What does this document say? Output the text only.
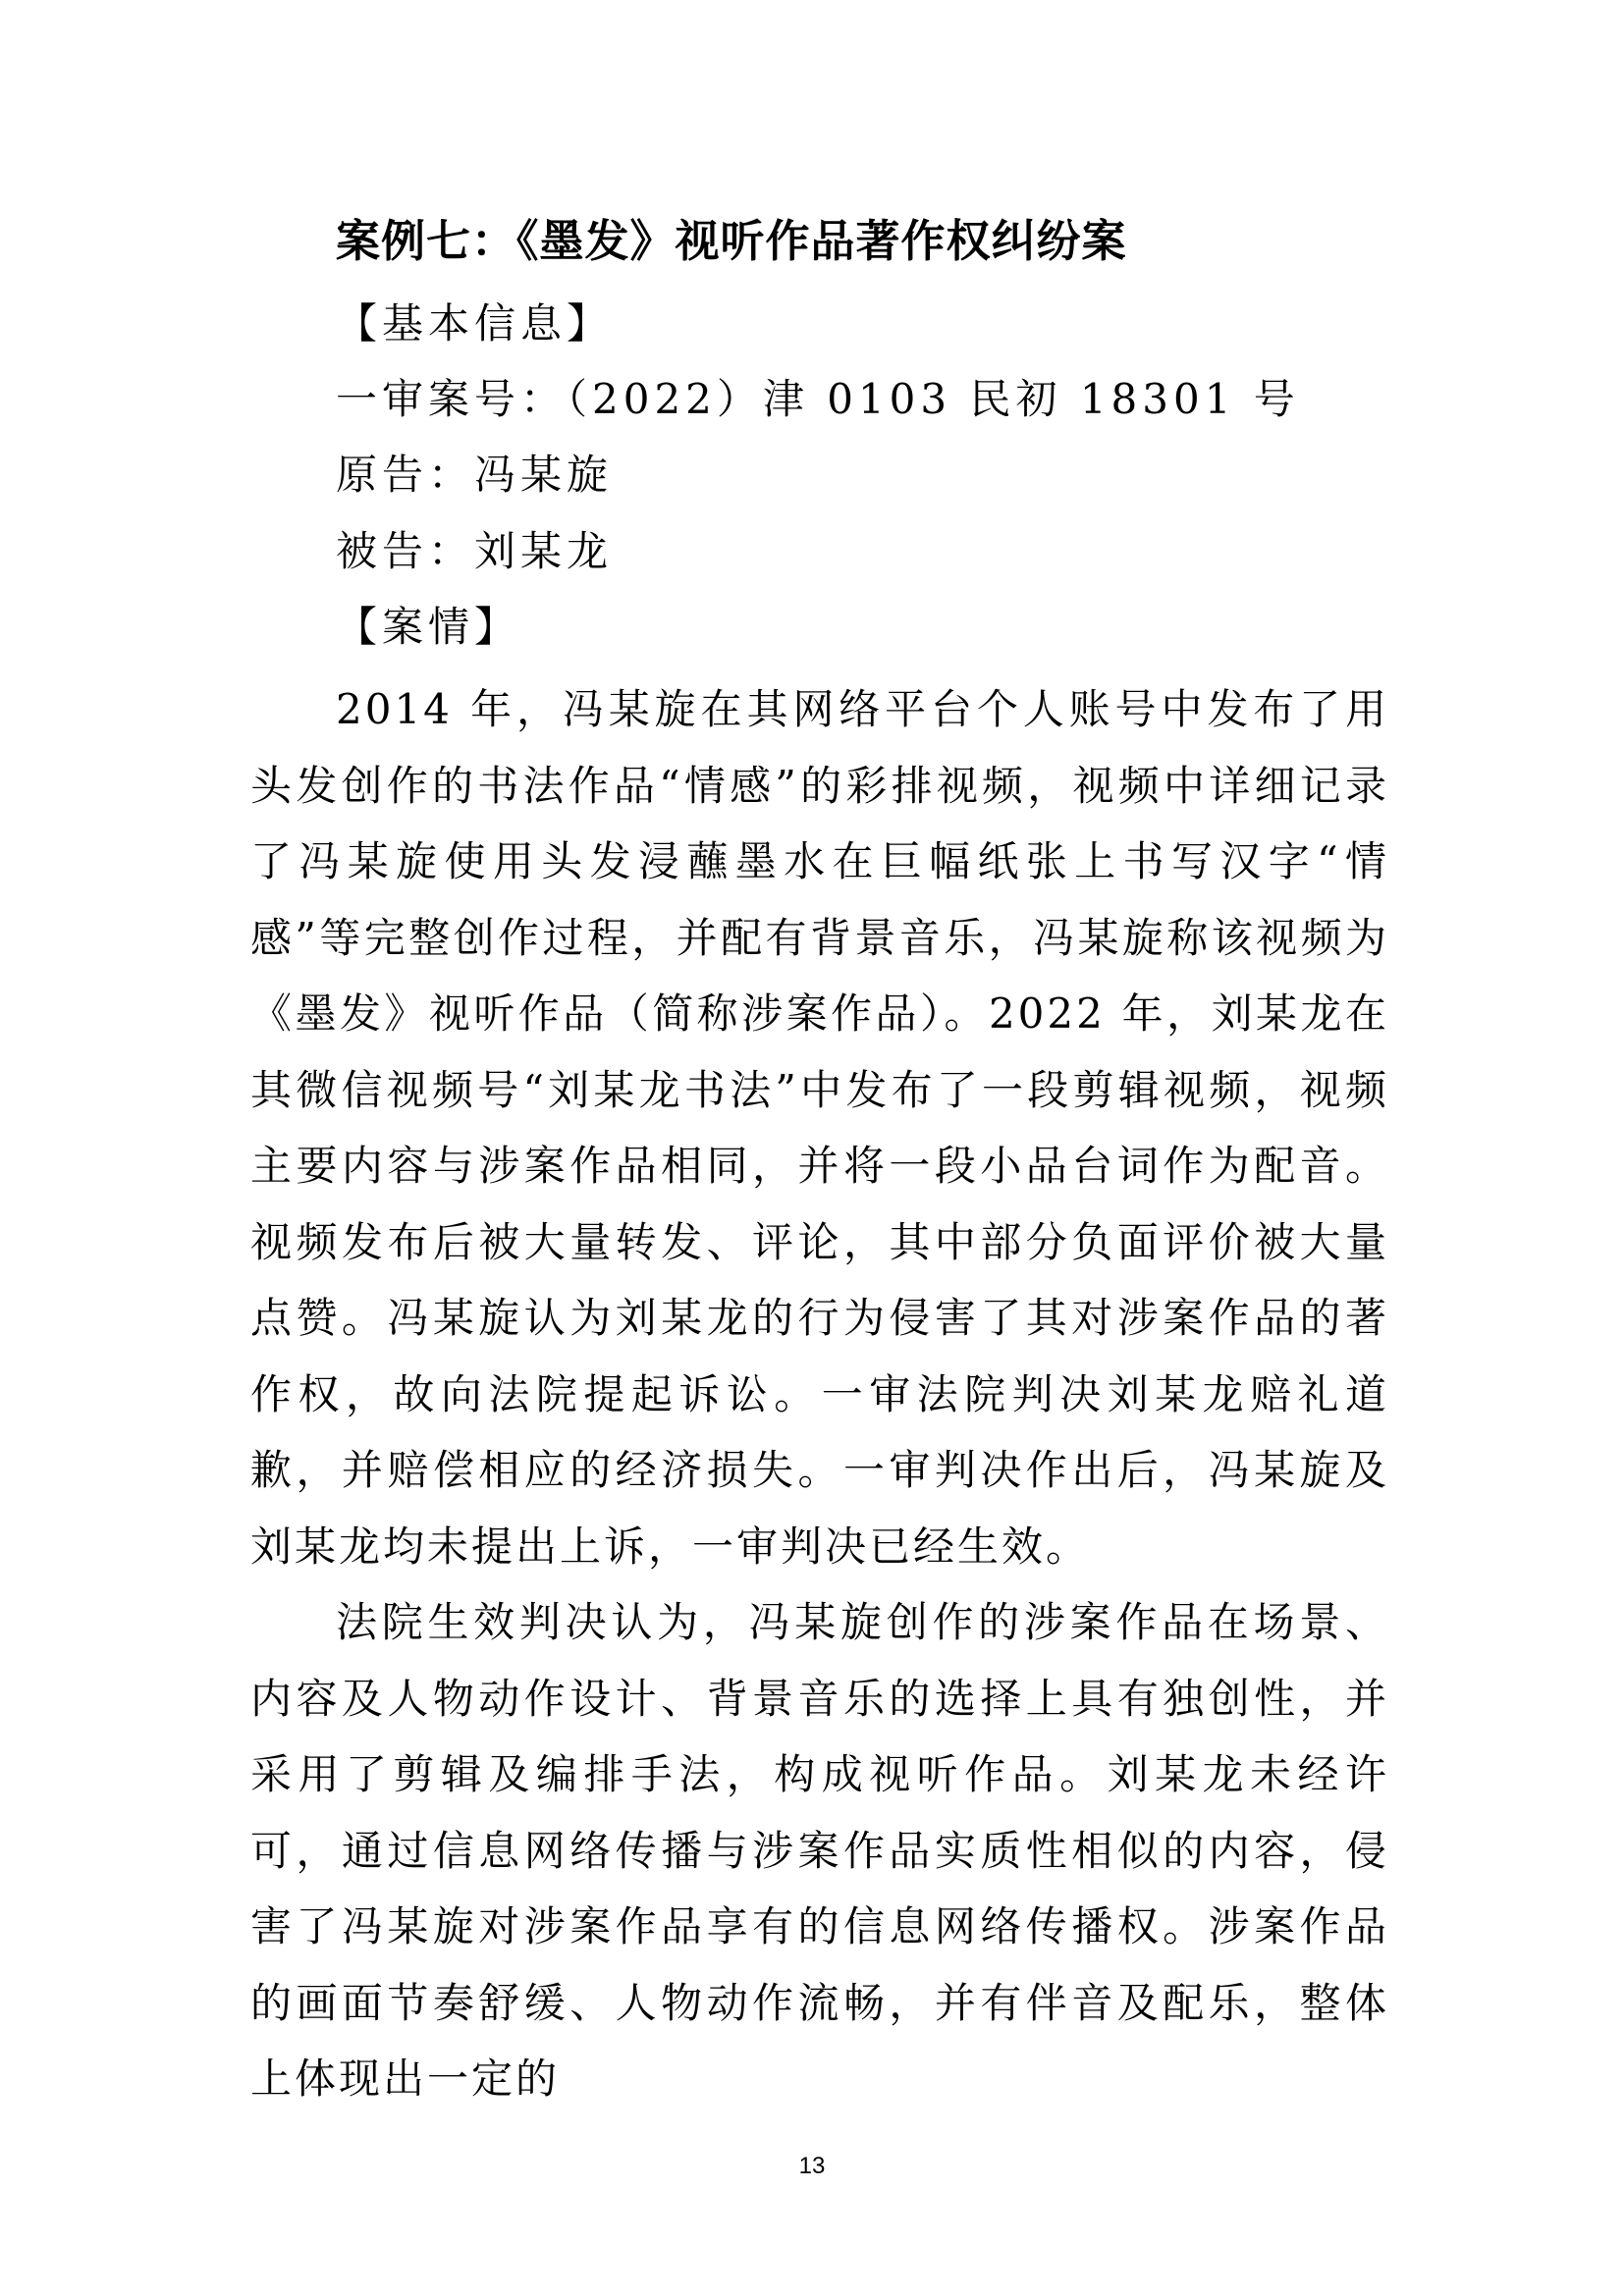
案例七：《墨发》视听作品著作权纠纷案
【基本信息】
一审案号：（2022）津 0103 民初 18301 号
原告：冯某旋
被告：刘某龙
【案情】

2014 年，冯某旋在其网络平台个人账号中发布了用头发创作的书法作品“情感”的彩排视频，视频中详细记录了冯某旋使用头发浸蘸墨水在巨幅纸张上书写汉字“情感”等完整创作过程，并配有背景音乐，冯某旋称该视频为《墨发》视听作品（简称涉案作品）。2022 年，刘某龙在其微信视频号“刘某龙书法”中发布了一段剪辑视频，视频主要内容与涉案作品相同，并将一段小品台词作为配音。视频发布后被大量转发、评论，其中部分负面评价被大量点赞。冯某旋认为刘某龙的行为侵害了其对涉案作品的著作权，故向法院提起诉讼。一审法院判决刘某龙赔礼道歉，并赔偿相应的经济损失。一审判决作出后，冯某旋及刘某龙均未提出上诉，一审判决已经生效。

法院生效判决认为，冯某旋创作的涉案作品在场景、内容及人物动作设计、背景音乐的选择上具有独创性，并采用了剪辑及编排手法，构成视听作品。刘某龙未经许可，通过信息网络传播与涉案作品实质性相似的内容，侵害了冯某旋对涉案作品享有的信息网络传播权。涉案作品的画面节奏舒缓、人物动作流畅，并有伴音及配乐，整体上体现出一定的

13
